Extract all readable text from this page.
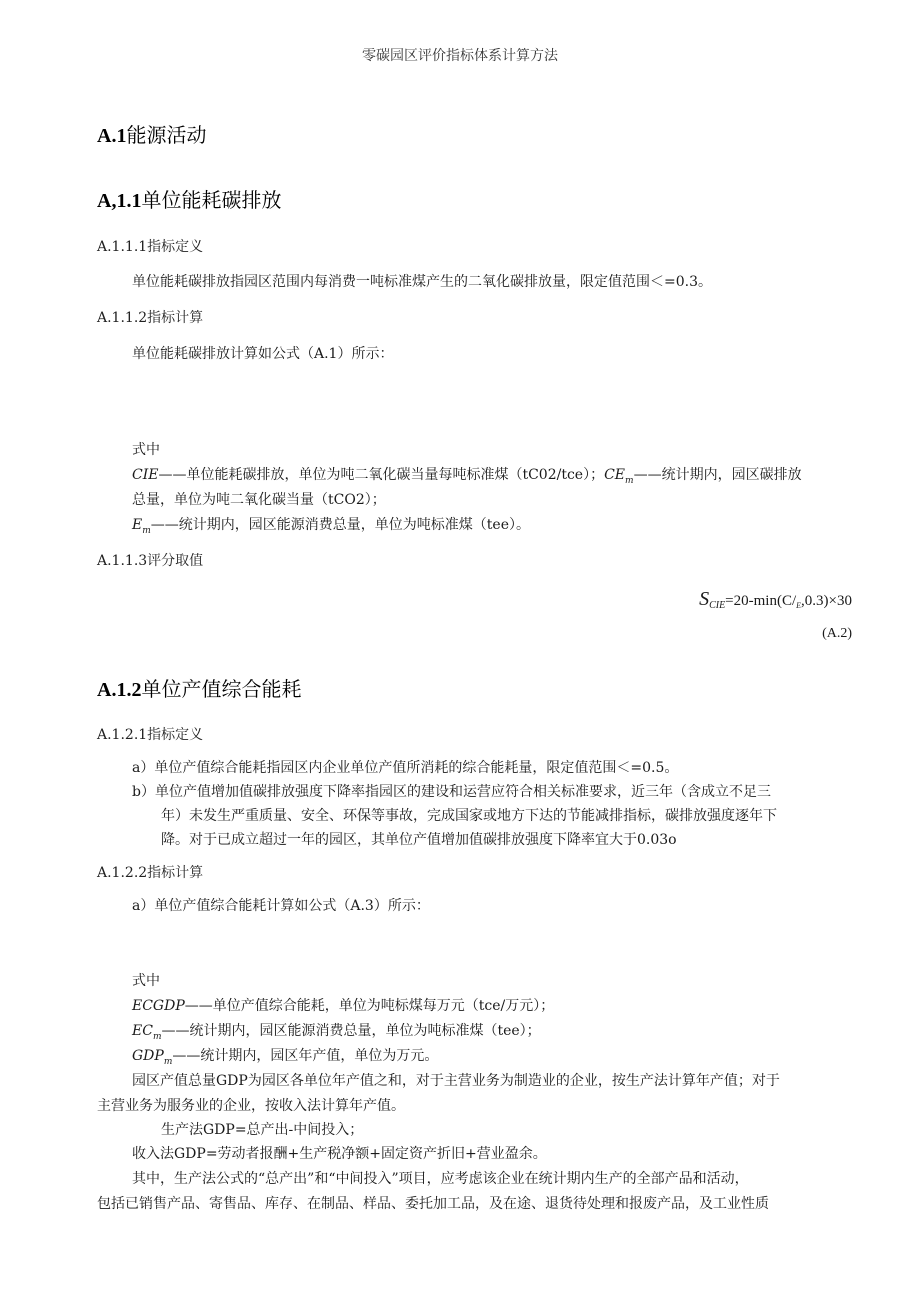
零碳园区评价指标体系计算方法
A.1能源活动
A,1.1单位能耗碳排放
A.1.1.1指标定义
单位能耗碳排放指园区范围内每消费一吨标准煤产生的二氧化碳排放量，限定值范围＜=0.3。
A.1.1.2指标计算
单位能耗碳排放计算如公式（A.1）所示：
式中
CIE——单位能耗碳排放，单位为吨二氧化碳当量每吨标准煤（tC02/tce）；$CE_m——$统计期内，园区碳排放
总量，单位为吨二氧化碳当量（tCO2）；
$E_m——$统计期内，园区能源消费总量，单位为吨标准煤（tee）。
A.1.1.3评分取值
$S_{CIE}=20-\min(C/_E,0.3)\times 30$
(A.2)
A.1.2单位产值综合能耗
A.1.2.1指标定义
a）单位产值综合能耗指园区内企业单位产值所消耗的综合能耗量，限定值范围＜=0.5。
b）单位产值增加值碳排放强度下降率指园区的建设和运营应符合相关标准要求，近三年（含成立不足三
年）未发生严重质量、安全、环保等事故，完成国家或地方下达的节能减排指标，碳排放强度逐年下
降。对于已成立超过一年的园区，其单位产值增加值碳排放强度下降率宜大于0.03o
A.1.2.2指标计算
a）单位产值综合能耗计算如公式（A.3）所示：
式中
ECGDP——单位产值综合能耗，单位为吨标煤每万元（tce/万元）；
$EC_m——$统计期内，园区能源消费总量，单位为吨标准煤（tee）；
$GDP_m——$统计期内，园区年产值，单位为万元。
园区产值总量GDP为园区各单位年产值之和，对于主营业务为制造业的企业，按生产法计算年产值；对于
主营业务为服务业的企业，按收入法计算年产值。
生产法GDP=总产出-中间投入；
收入法GDP=劳动者报酬+生产税净额+固定资产折旧+营业盈余。
其中，生产法公式的“总产出”和“中间投入”项目，应考虑该企业在统计期内生产的全部产品和活动，
包括已销售产品、寄售品、库存、在制品、样品、委托加工品，及在途、退货待处理和报废产品，及工业性质
